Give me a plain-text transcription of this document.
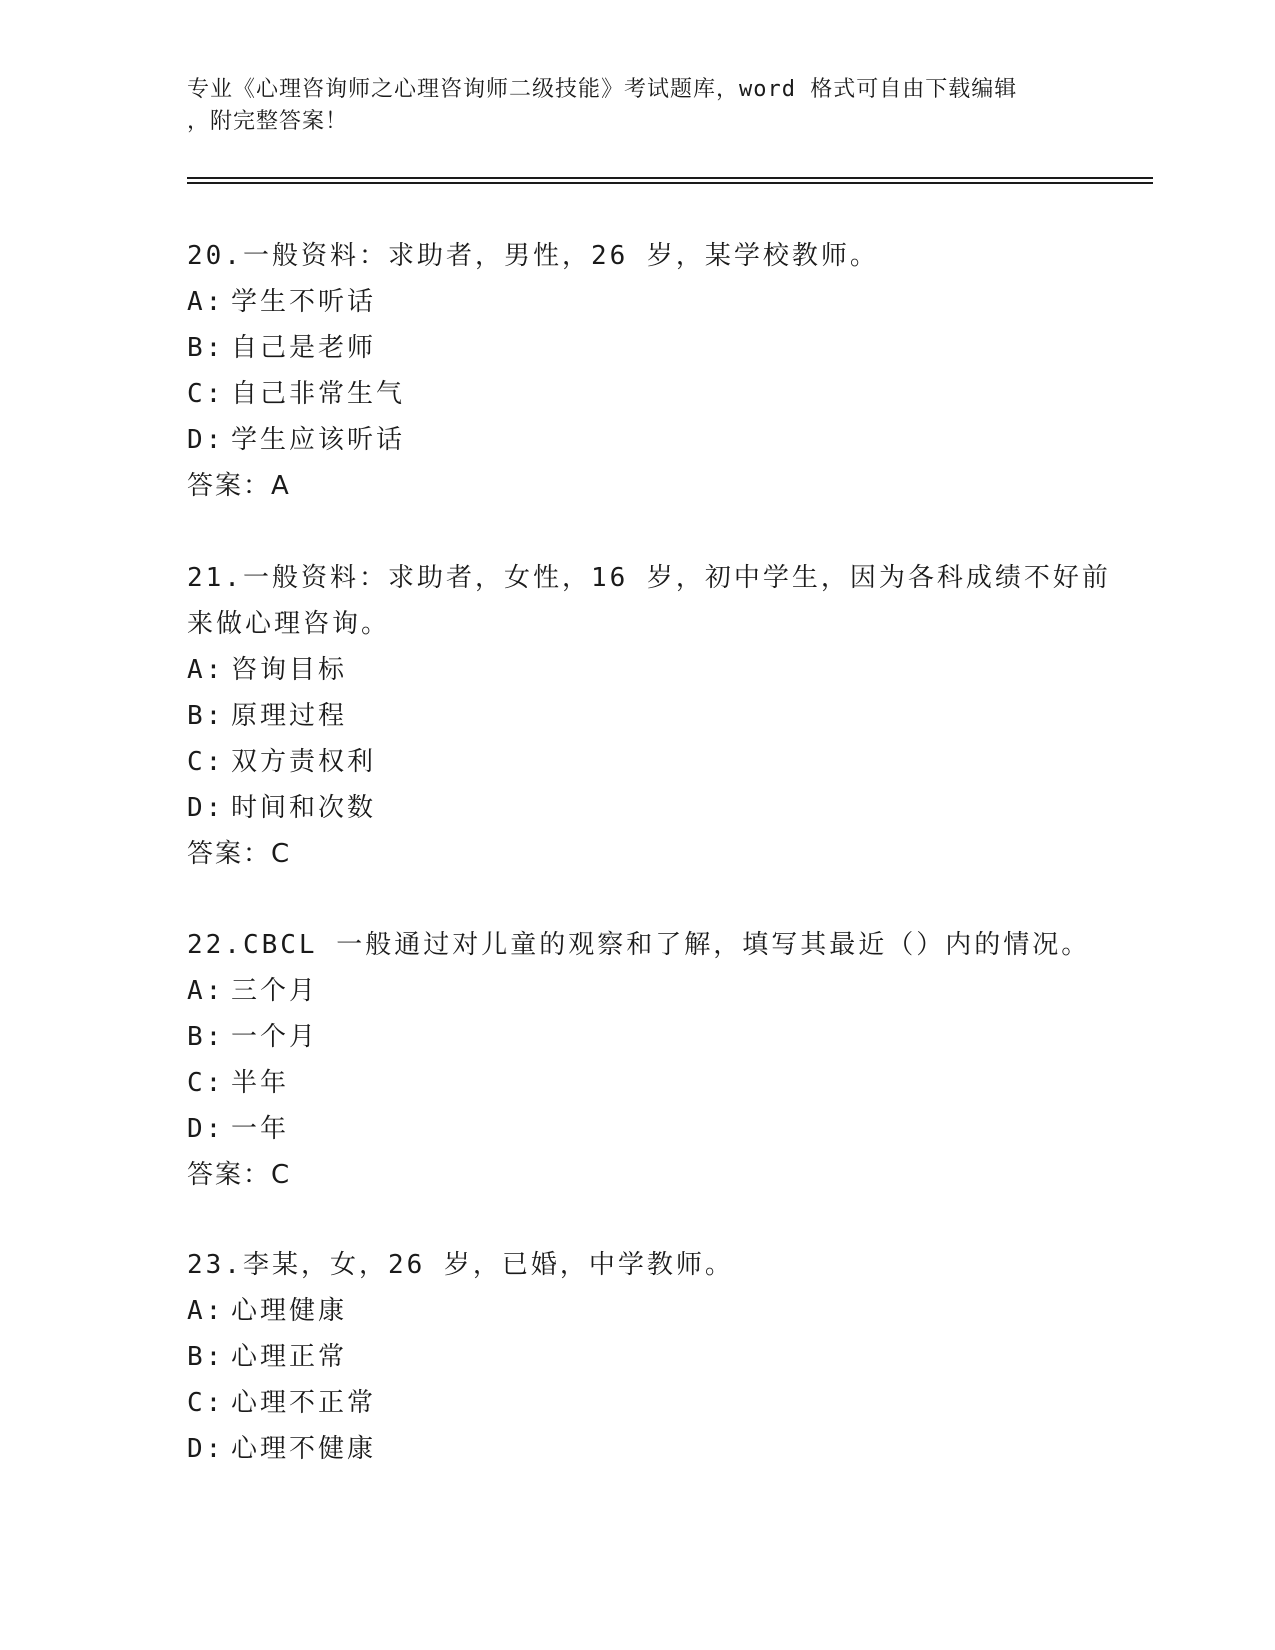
专业《心理咨询师之心理咨询师二级技能》考试题库，word 格式可自由下载编辑
，附完整答案！
20.一般资料：求助者，男性，26 岁，某学校教师。
A: 学生不听话
B: 自己是老师
C: 自己非常生气
D: 学生应该听话
答案：A
21.一般资料：求助者，女性，16 岁，初中学生，因为各科成绩不好前
来做心理咨询。
A: 咨询目标
B: 原理过程
C: 双方责权利
D: 时间和次数
答案：C
22.CBCL 一般通过对儿童的观察和了解，填写其最近（）内的情况。
A: 三个月
B: 一个月
C: 半年
D: 一年
答案：C
23.李某，女，26 岁，已婚，中学教师。
A: 心理健康
B: 心理正常
C: 心理不正常
D: 心理不健康
